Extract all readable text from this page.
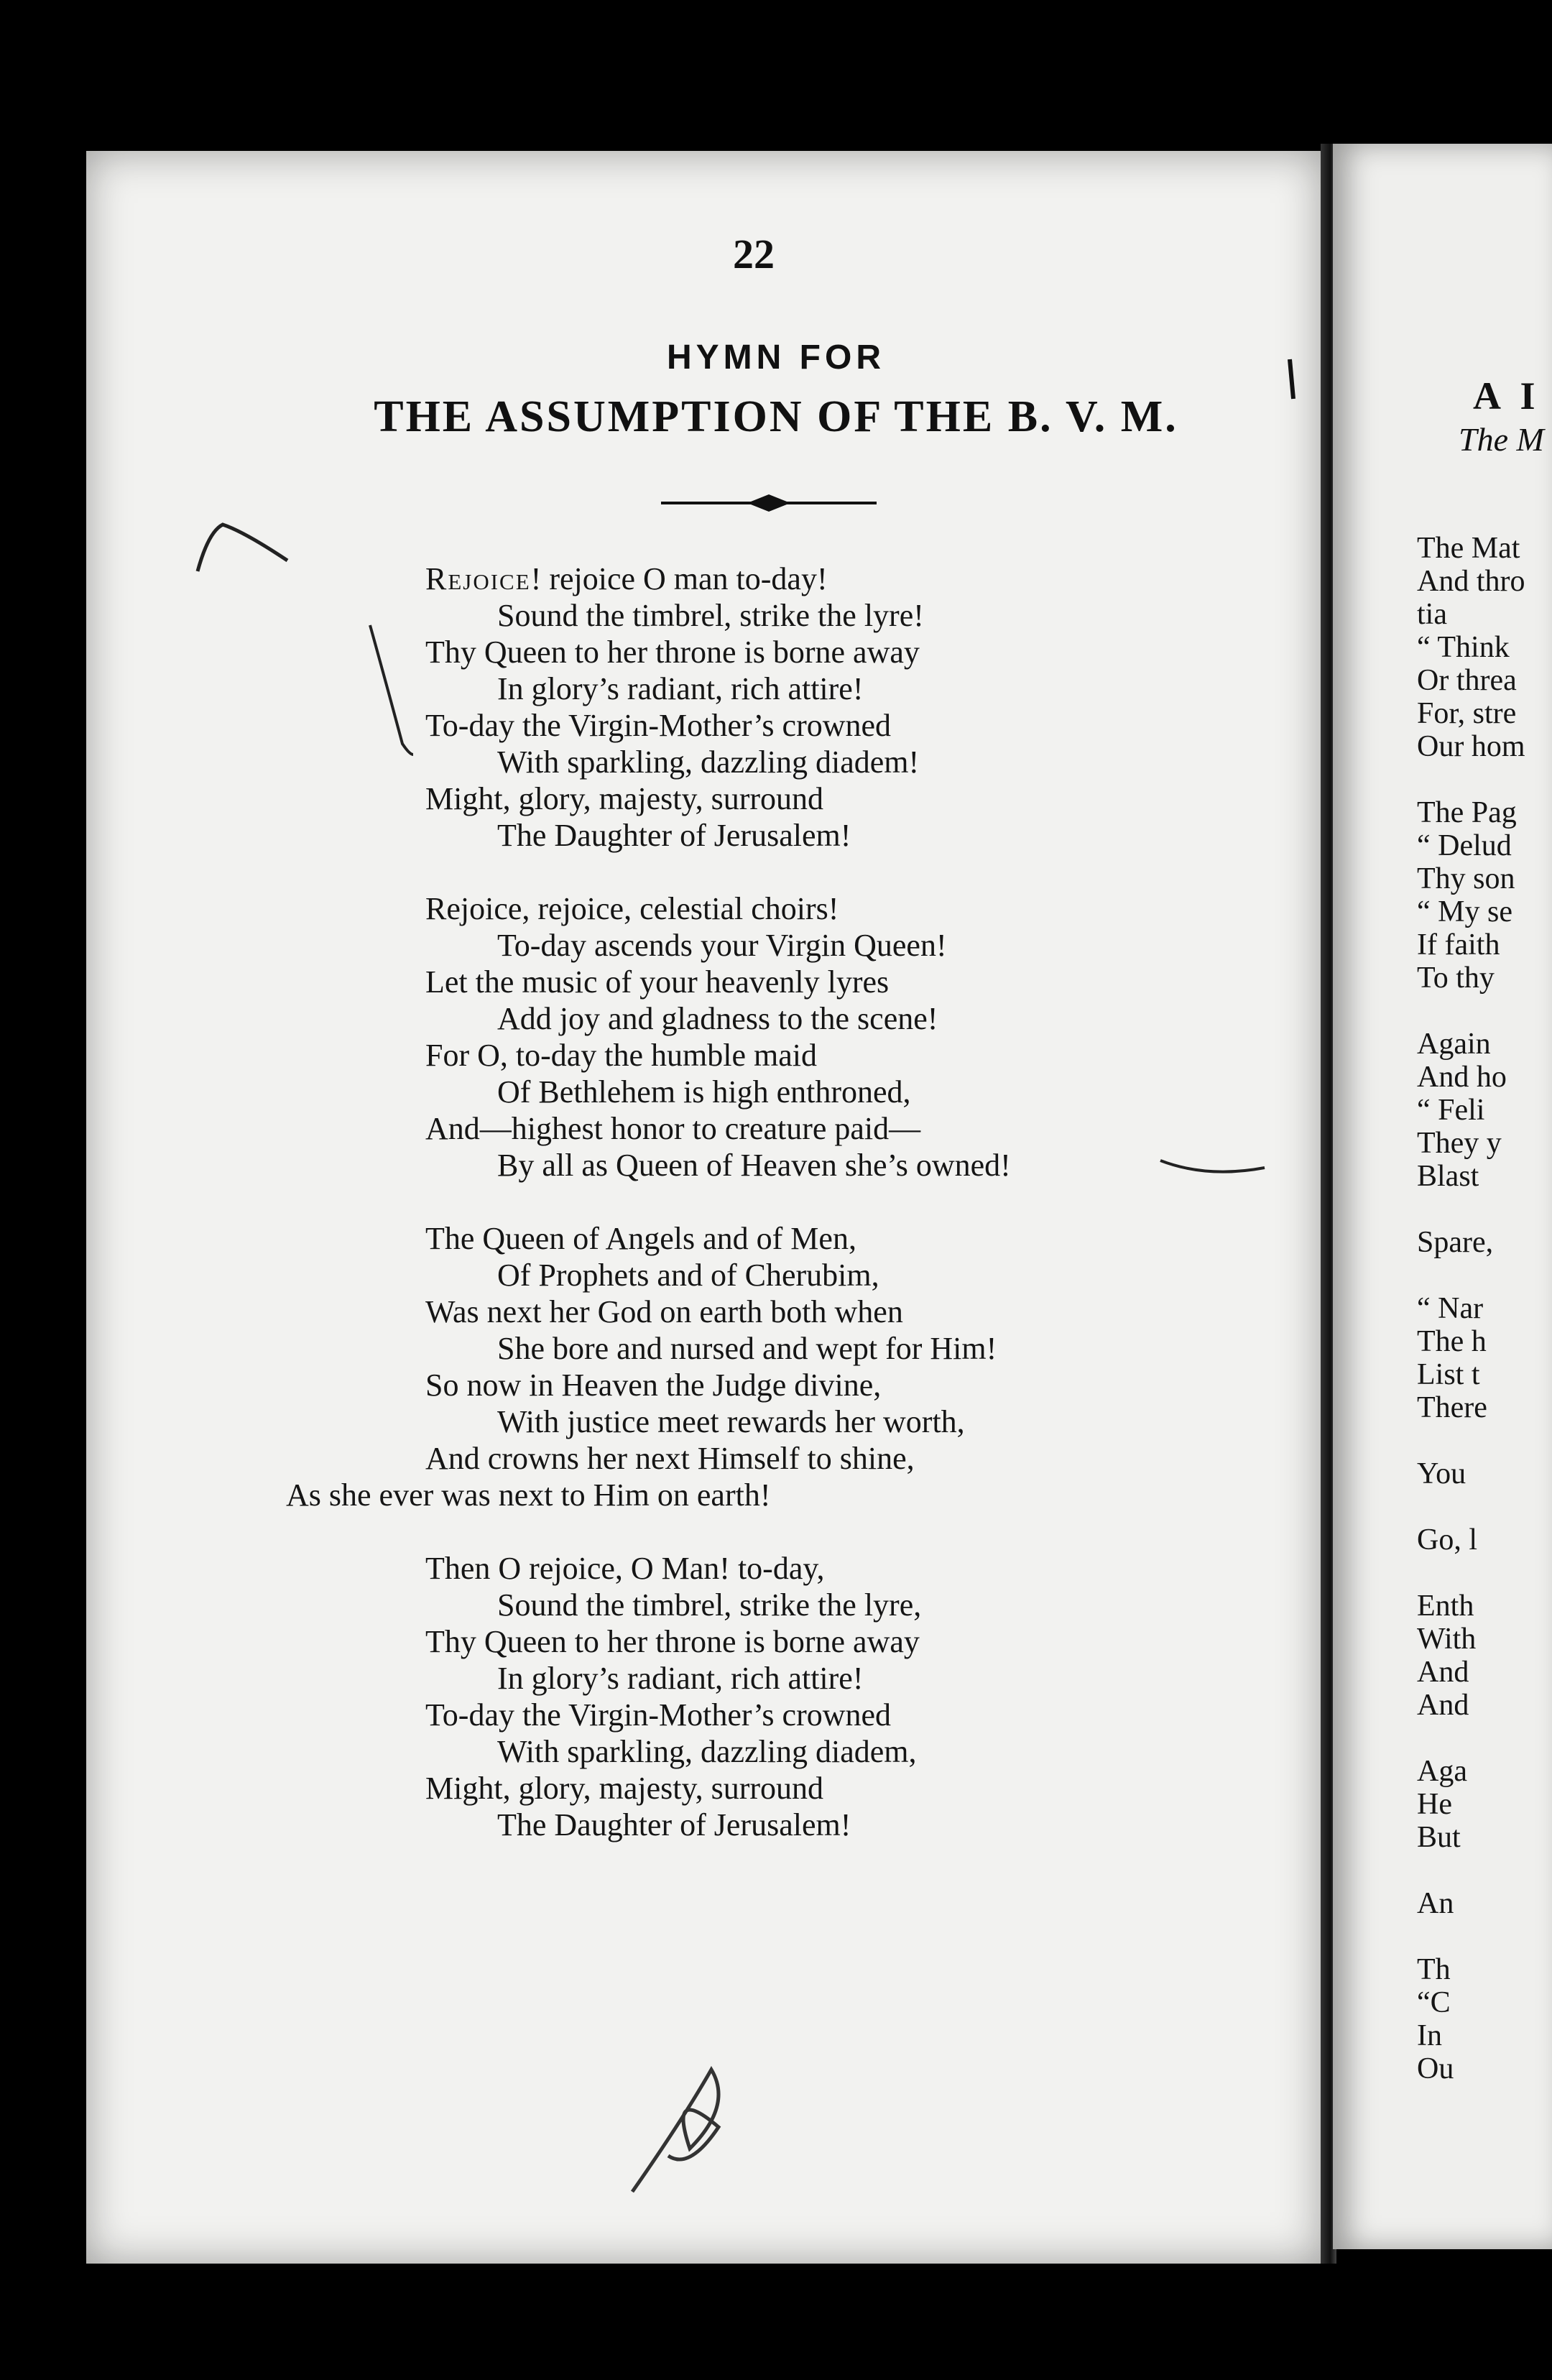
22
HYMN FOR
THE ASSUMPTION OF THE B. V. M.
Rejoice! rejoice O man to-day!
Sound the timbrel, strike the lyre!
Thy Queen to her throne is borne away
In glory’s radiant, rich attire!
To-day the Virgin-Mother’s crowned
With sparkling, dazzling diadem!
Might, glory, majesty, surround
The Daughter of Jerusalem!
Rejoice, rejoice, celestial choirs!
To-day ascends your Virgin Queen!
Let the music of your heavenly lyres
Add joy and gladness to the scene!
For O, to-day the humble maid
Of Bethlehem is high enthroned,
And—highest honor to creature paid—
By all as Queen of Heaven she’s owned!
The Queen of Angels and of Men,
Of Prophets and of Cherubim,
Was next her God on earth both when
She bore and nursed and wept for Him!
So now in Heaven the Judge divine,
With justice meet rewards her worth,
And crowns her next Himself to shine,
As she ever was next to Him on earth!
Then O rejoice, O Man! to-day,
Sound the timbrel, strike the lyre,
Thy Queen to her throne is borne away
In glory’s radiant, rich attire!
To-day the Virgin-Mother’s crowned
With sparkling, dazzling diadem,
Might, glory, majesty, surround
The Daughter of Jerusalem!
A I
The M
The Mat
And thro
tia
“ Think
Or threa
For, stre
Our hom
The Pag
“ Delud
Thy son
“ My se
If faith
To thy
Again
And ho
“ Feli
They y
Blast
Spare,
“ Nar
The h
List t
There
You
Go, l
Enth
With
And
And
Aga
He
But
An
Th
“C
In
Ou
